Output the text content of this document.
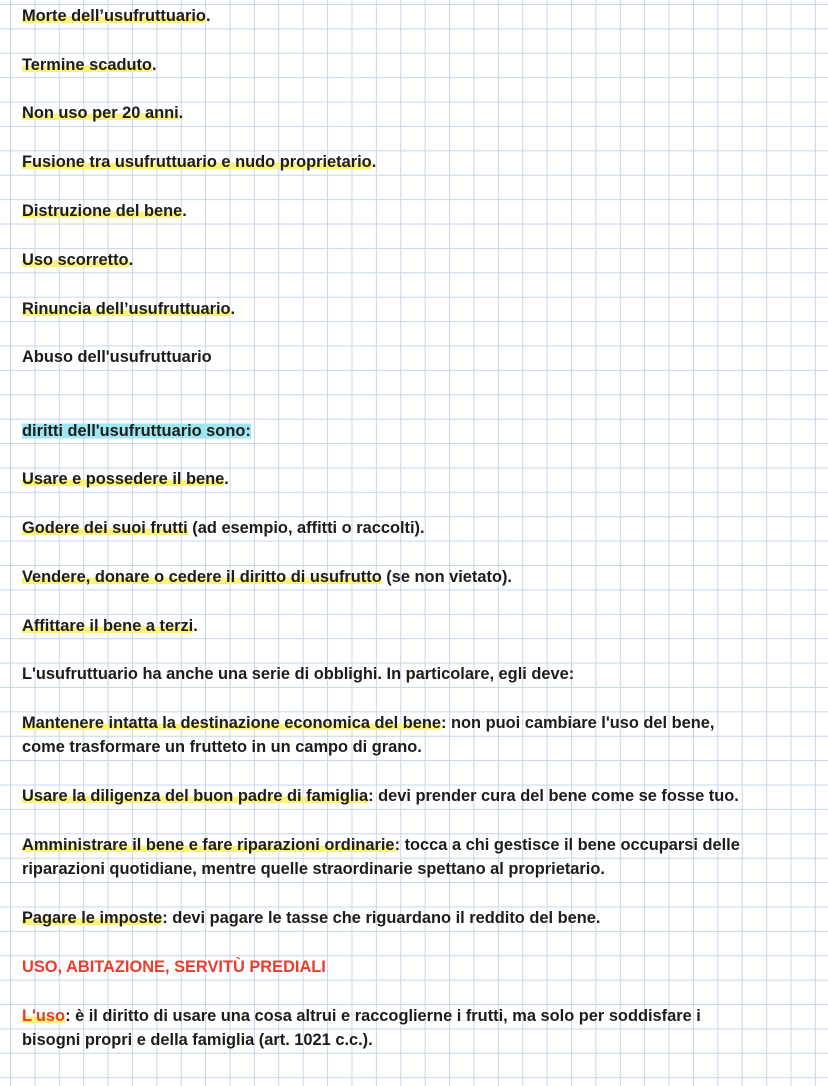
Morte dell’usufruttuario.
Termine scaduto.
Non uso per 20 anni.
Fusione tra usufruttuario e nudo proprietario.
Distruzione del bene.
Uso scorretto.
Rinuncia dell’usufruttuario.
Abuso dell'usufruttuario
diritti dell'usufruttuario sono:
Usare e possedere il bene.
Godere dei suoi frutti (ad esempio, affitti o raccolti).
Vendere, donare o cedere il diritto di usufrutto (se non vietato).
Affittare il bene a terzi.
L'usufruttuario ha anche una serie di obblighi. In particolare, egli deve:
Mantenere intatta la destinazione economica del bene: non puoi cambiare l'uso del bene,
come trasformare un frutteto in un campo di grano.
Usare la diligenza del buon padre di famiglia: devi prender cura del bene come se fosse tuo.
Amministrare il bene e fare riparazioni ordinarie: tocca a chi gestisce il bene occuparsi delle
riparazioni quotidiane, mentre quelle straordinarie spettano al proprietario.
Pagare le imposte: devi pagare le tasse che riguardano il reddito del bene.
USO, ABITAZIONE, SERVITÙ PREDIALI
L'uso: è il diritto di usare una cosa altrui e raccoglierne i frutti, ma solo per soddisfare i
bisogni propri e della famiglia (art. 1021 c.c.).
